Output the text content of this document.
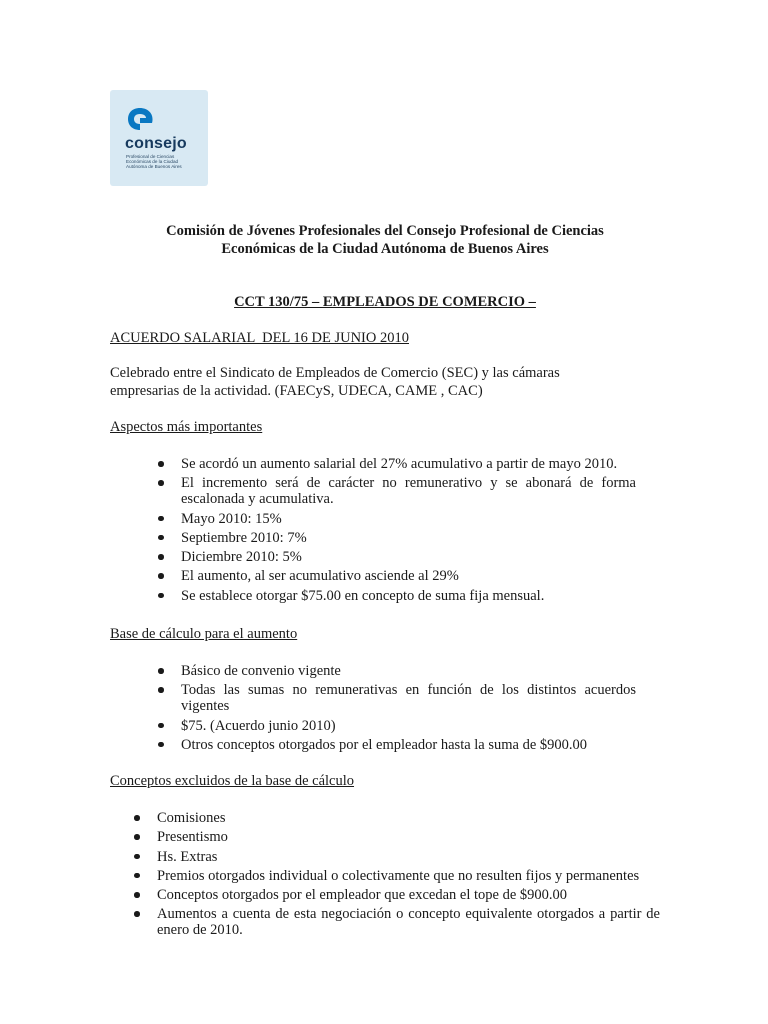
consejo
Profesional de Ciencias
Económicas de la Ciudad
Autónoma de Buenos Aires
Comisión de Jóvenes Profesionales del Consejo Profesional de Ciencias
Económicas de la Ciudad Autónoma de Buenos Aires
CCT 130/75 – EMPLEADOS DE COMERCIO –
ACUERDO SALARIAL  DEL 16 DE JUNIO 2010
Celebrado entre el Sindicato de Empleados de Comercio (SEC) y las cámaras empresarias de la actividad. (FAECyS, UDECA, CAME , CAC)
Aspectos más importantes
Se acordó un aumento salarial del 27% acumulativo a partir de mayo 2010.
El incremento será de carácter no remunerativo y se abonará de forma escalonada y acumulativa.
Mayo 2010: 15%
Septiembre 2010: 7%
Diciembre 2010: 5%
El aumento, al ser acumulativo asciende al 29%
Se establece otorgar $75.00 en concepto de suma fija mensual.
Base de cálculo para el aumento
Básico de convenio vigente
Todas las sumas no remunerativas en función de los distintos acuerdos vigentes
$75. (Acuerdo junio 2010)
Otros conceptos otorgados por el empleador hasta la suma de $900.00
Conceptos excluidos de la base de cálculo
Comisiones
Presentismo
Hs. Extras
Premios otorgados individual o colectivamente que no resulten fijos y permanentes
Conceptos otorgados por el empleador que excedan el tope de $900.00
Aumentos a cuenta de esta negociación o concepto equivalente otorgados a partir de enero de 2010.
